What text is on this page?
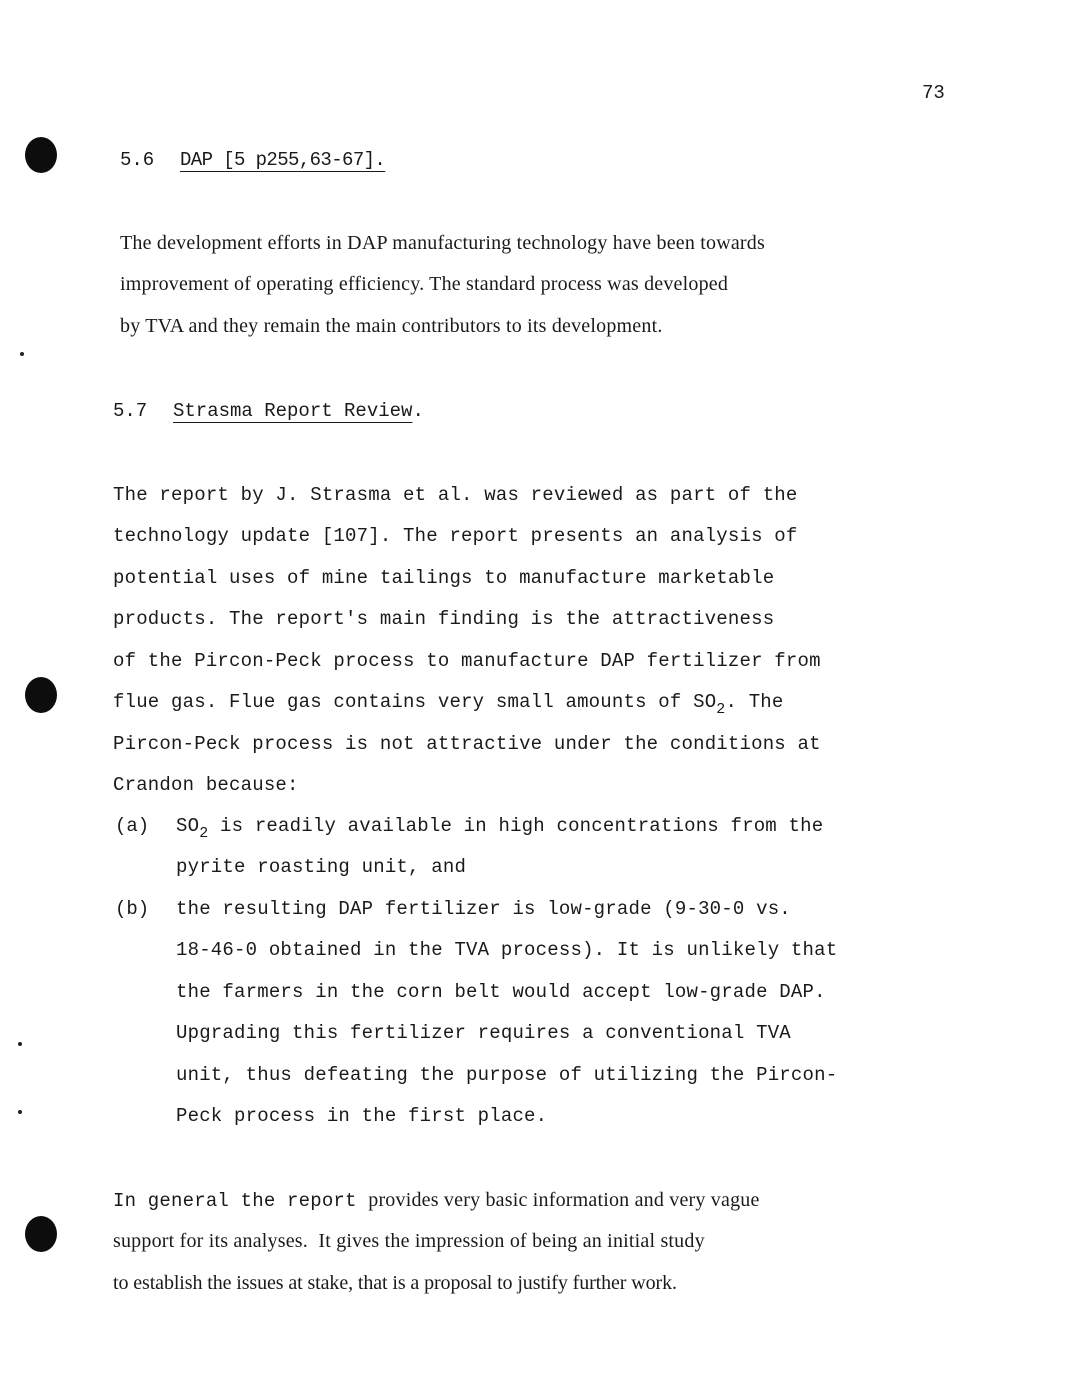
73
5.6 DAP [5 p255,63-67].
The development efforts in DAP manufacturing technology have been towards
improvement of operating efficiency. The standard process was developed
by TVA and they remain the main contributors to its development.
5.7 Strasma Report Review.
The report by J. Strasma et al. was reviewed as part of the
technology update [107]. The report presents an analysis of
potential uses of mine tailings to manufacture marketable
products. The report's main finding is the attractiveness
of the Pircon-Peck process to manufacture DAP fertilizer from
flue gas. Flue gas contains very small amounts of $SO_2$. The
Pircon-Peck process is not attractive under the conditions at
Crandon because:
(a) $SO_2$ is readily available in high concentrations from the
pyrite roasting unit, and
(b) the resulting DAP fertilizer is low-grade (9-30-0 vs.
18-46-0 obtained in the TVA process). It is unlikely that
the farmers in the corn belt would accept low-grade DAP.
Upgrading this fertilizer requires a conventional TVA
unit, thus defeating the purpose of utilizing the Pircon-
Peck process in the first place.
In general the report provides very basic information and very vague
support for its analyses.  It gives the impression of being an initial study
to establish the issues at stake, that is a proposal to justify further work.
